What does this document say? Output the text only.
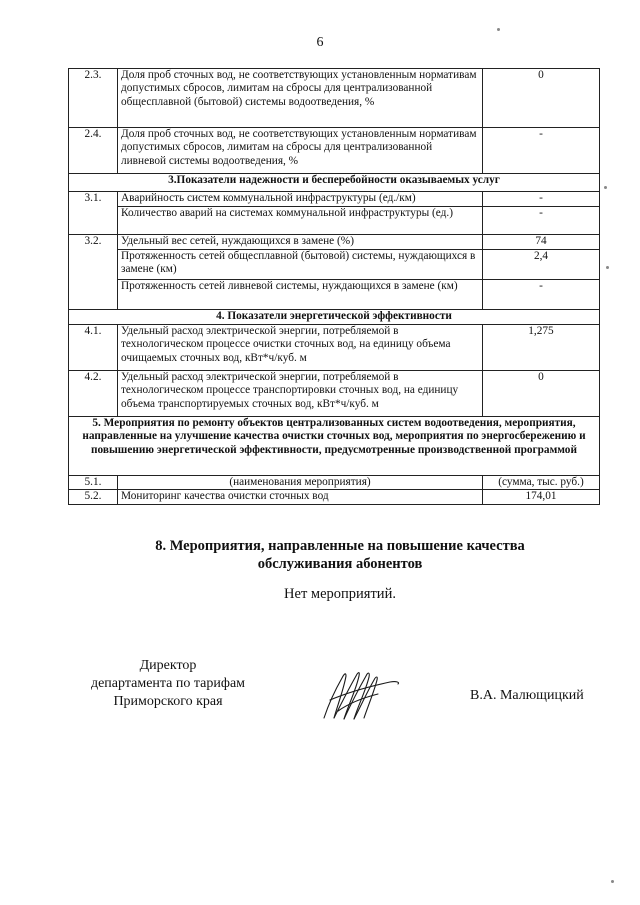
6
2.3.	Доля проб сточных вод, не соответствующих установленным нормативам допустимых сбросов, лимитам на сбросы для централизованной общесплавной (бытовой) системы водоотведения, %	0
2.4.	Доля проб сточных вод, не соответствующих установленным нормативам допустимых сбросов, лимитам на сбросы для централизованной ливневой системы водоотведения, %	-
3.Показатели надежности и бесперебойности оказываемых услуг		
3.1.	Аварийность систем коммунальной инфраструктуры (ед./км)	-
	Количество аварий на системах коммунальной инфраструктуры (ед.)	-
3.2.	Удельный вес сетей, нуждающихся в замене (%)	74
	Протяженность сетей общесплавной (бытовой) системы, нуждающихся в замене (км)	2,4
	Протяженность сетей ливневой системы, нуждающихся в замене (км)	-
4. Показатели энергетической эффективности		
4.1.	Удельный расход электрической энергии, потребляемой в технологическом процессе очистки сточных вод, на единицу объема очищаемых сточных вод, кВт*ч/куб. м	1,275
4.2.	Удельный расход электрической энергии, потребляемой в технологическом процессе транспортировки сточных вод, на единицу объема транспортируемых сточных вод, кВт*ч/куб. м	0
5. Мероприятия по ремонту объектов централизованных систем водоотведения, мероприятия, направленные на улучшение качества очистки сточных вод, мероприятия по энергосбережению и повышению энергетической эффективности, предусмотренные производственной программой		
5.1.	(наименования мероприятия)	(сумма, тыс. руб.)
5.2.	Мониторинг качества очистки сточных вод	174,01
8. Мероприятия, направленные на повышение качества
обслуживания абонентов
Нет мероприятий.
Директор
департамента по тарифам
Приморского края	В.А. Малющицкий
